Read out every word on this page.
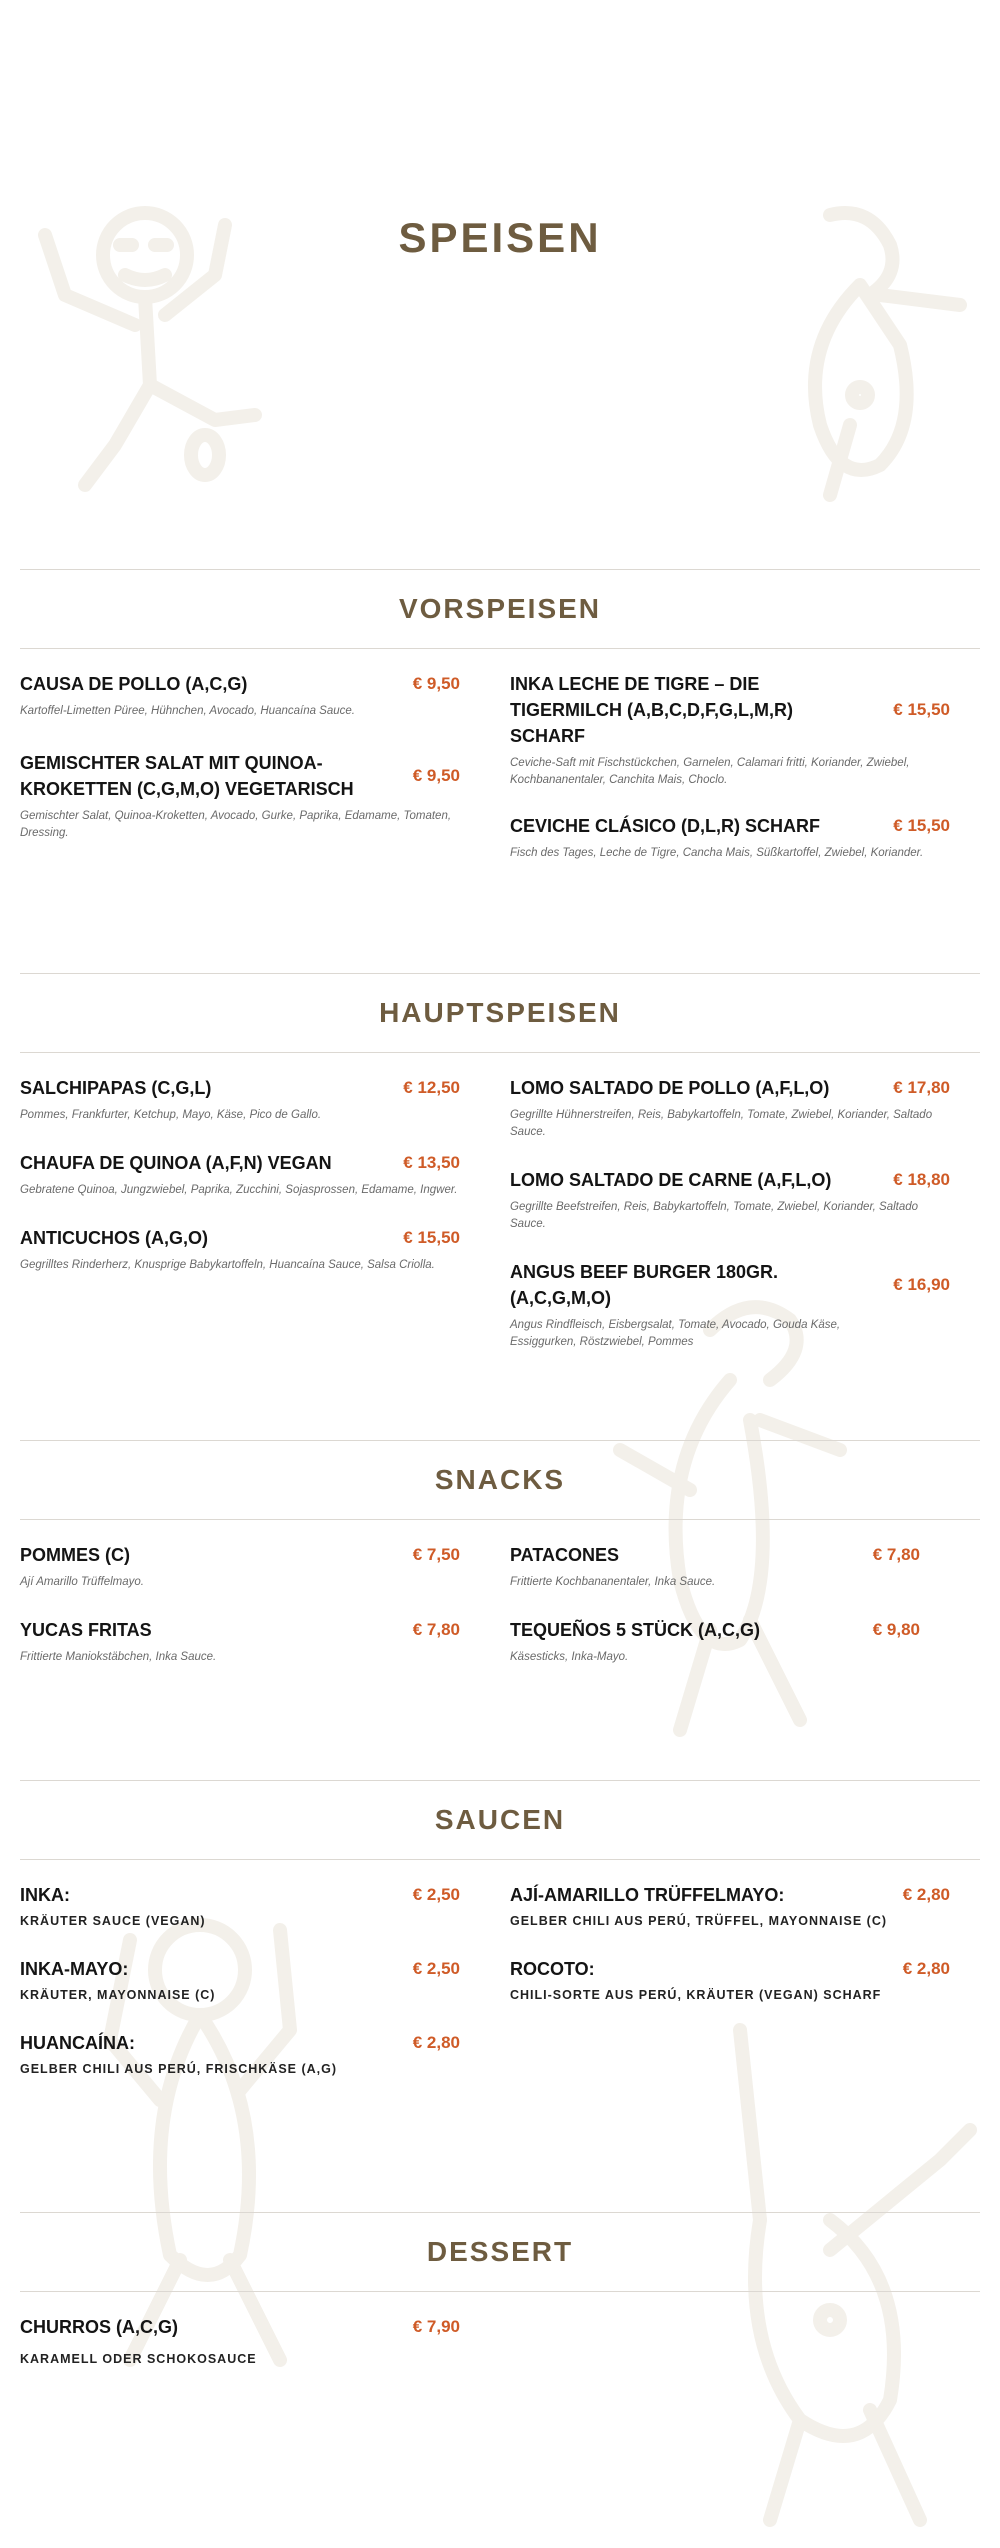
SPEISEN
VORSPEISEN
CAUSA DE POLLO (A,C,G)	€ 9,50

Kartoffel-Limetten Püree, Hühnchen, Avocado, Huancaína Sauce.

GEMISCHTER SALAT MIT QUINOA-KROKETTEN (C,G,M,O) VEGETARISCH
€ 9,50

Gemischter Salat, Quinoa-Kroketten, Avocado, Gurke, Paprika, Edamame, Tomaten, Dressing.

INKA LECHE DE TIGRE – DIE TIGERMILCH (A,B,C,D,F,G,L,M,R) SCHARF
€ 15,50

Ceviche-Saft mit Fischstückchen, Garnelen, Calamari fritti, Koriander, Zwiebel, Kochbananentaler, Canchita Mais, Choclo.

CEVICHE CLÁSICO (D,L,R) SCHARF	€ 15,50

Fisch des Tages, Leche de Tigre, Cancha Mais, Süßkartoffel, Zwiebel, Koriander.

HAUPTSPEISEN
SALCHIPAPAS (C,G,L)	€ 12,50

Pommes, Frankfurter, Ketchup, Mayo, Käse, Pico de Gallo.

CHAUFA DE QUINOA (A,F,N) VEGAN	€ 13,50

Gebratene Quinoa, Jungzwiebel, Paprika, Zucchini, Sojasprossen, Edamame, Ingwer.

ANTICUCHOS (A,G,O)	€ 15,50

Gegrilltes Rinderherz, Knusprige Babykartoffeln, Huancaína Sauce, Salsa Criolla.

LOMO SALTADO DE POLLO (A,F,L,O)	€ 17,80

Gegrillte Hühnerstreifen, Reis, Babykartoffeln, Tomate, Zwiebel, Koriander, Saltado Sauce.

LOMO SALTADO DE CARNE (A,F,L,O)	€ 18,80

Gegrillte Beefstreifen, Reis, Babykartoffeln, Tomate, Zwiebel, Koriander, Saltado Sauce.

ANGUS BEEF BURGER 180GR. (A,C,G,M,O)
€ 16,90

Angus Rindfleisch, Eisbergsalat, Tomate, Avocado, Gouda Käse, Essiggurken, Röstzwiebel, Pommes

SNACKS
POMMES (C)	€ 7,50

Ají Amarillo Trüffelmayo.

YUCAS FRITAS	€ 7,80

Frittierte Maniokstäbchen, Inka Sauce.

PATACONES	€ 7,80

Frittierte Kochbananentaler, Inka Sauce.

TEQUEÑOS 5 STÜCK (A,C,G)	€ 9,80

Käsesticks, Inka-Mayo.

SAUCEN
INKA:	€ 2,50

KRÄUTER SAUCE (VEGAN)

INKA-MAYO:	€ 2,50

KRÄUTER, MAYONNAISE (C)

HUANCAÍNA:	€ 2,80

GELBER CHILI AUS PERÚ, FRISCHKÄSE (A,G)

AJÍ-AMARILLO TRÜFFELMAYO:	€ 2,80

GELBER CHILI AUS PERÚ, TRÜFFEL, MAYONNAISE (C)

ROCOTO:	€ 2,80

CHILI-SORTE AUS PERÚ, KRÄUTER (VEGAN) SCHARF

DESSERT
CHURROS (A,C,G)	€ 7,90

KARAMELL ODER SCHOKOSAUCE
